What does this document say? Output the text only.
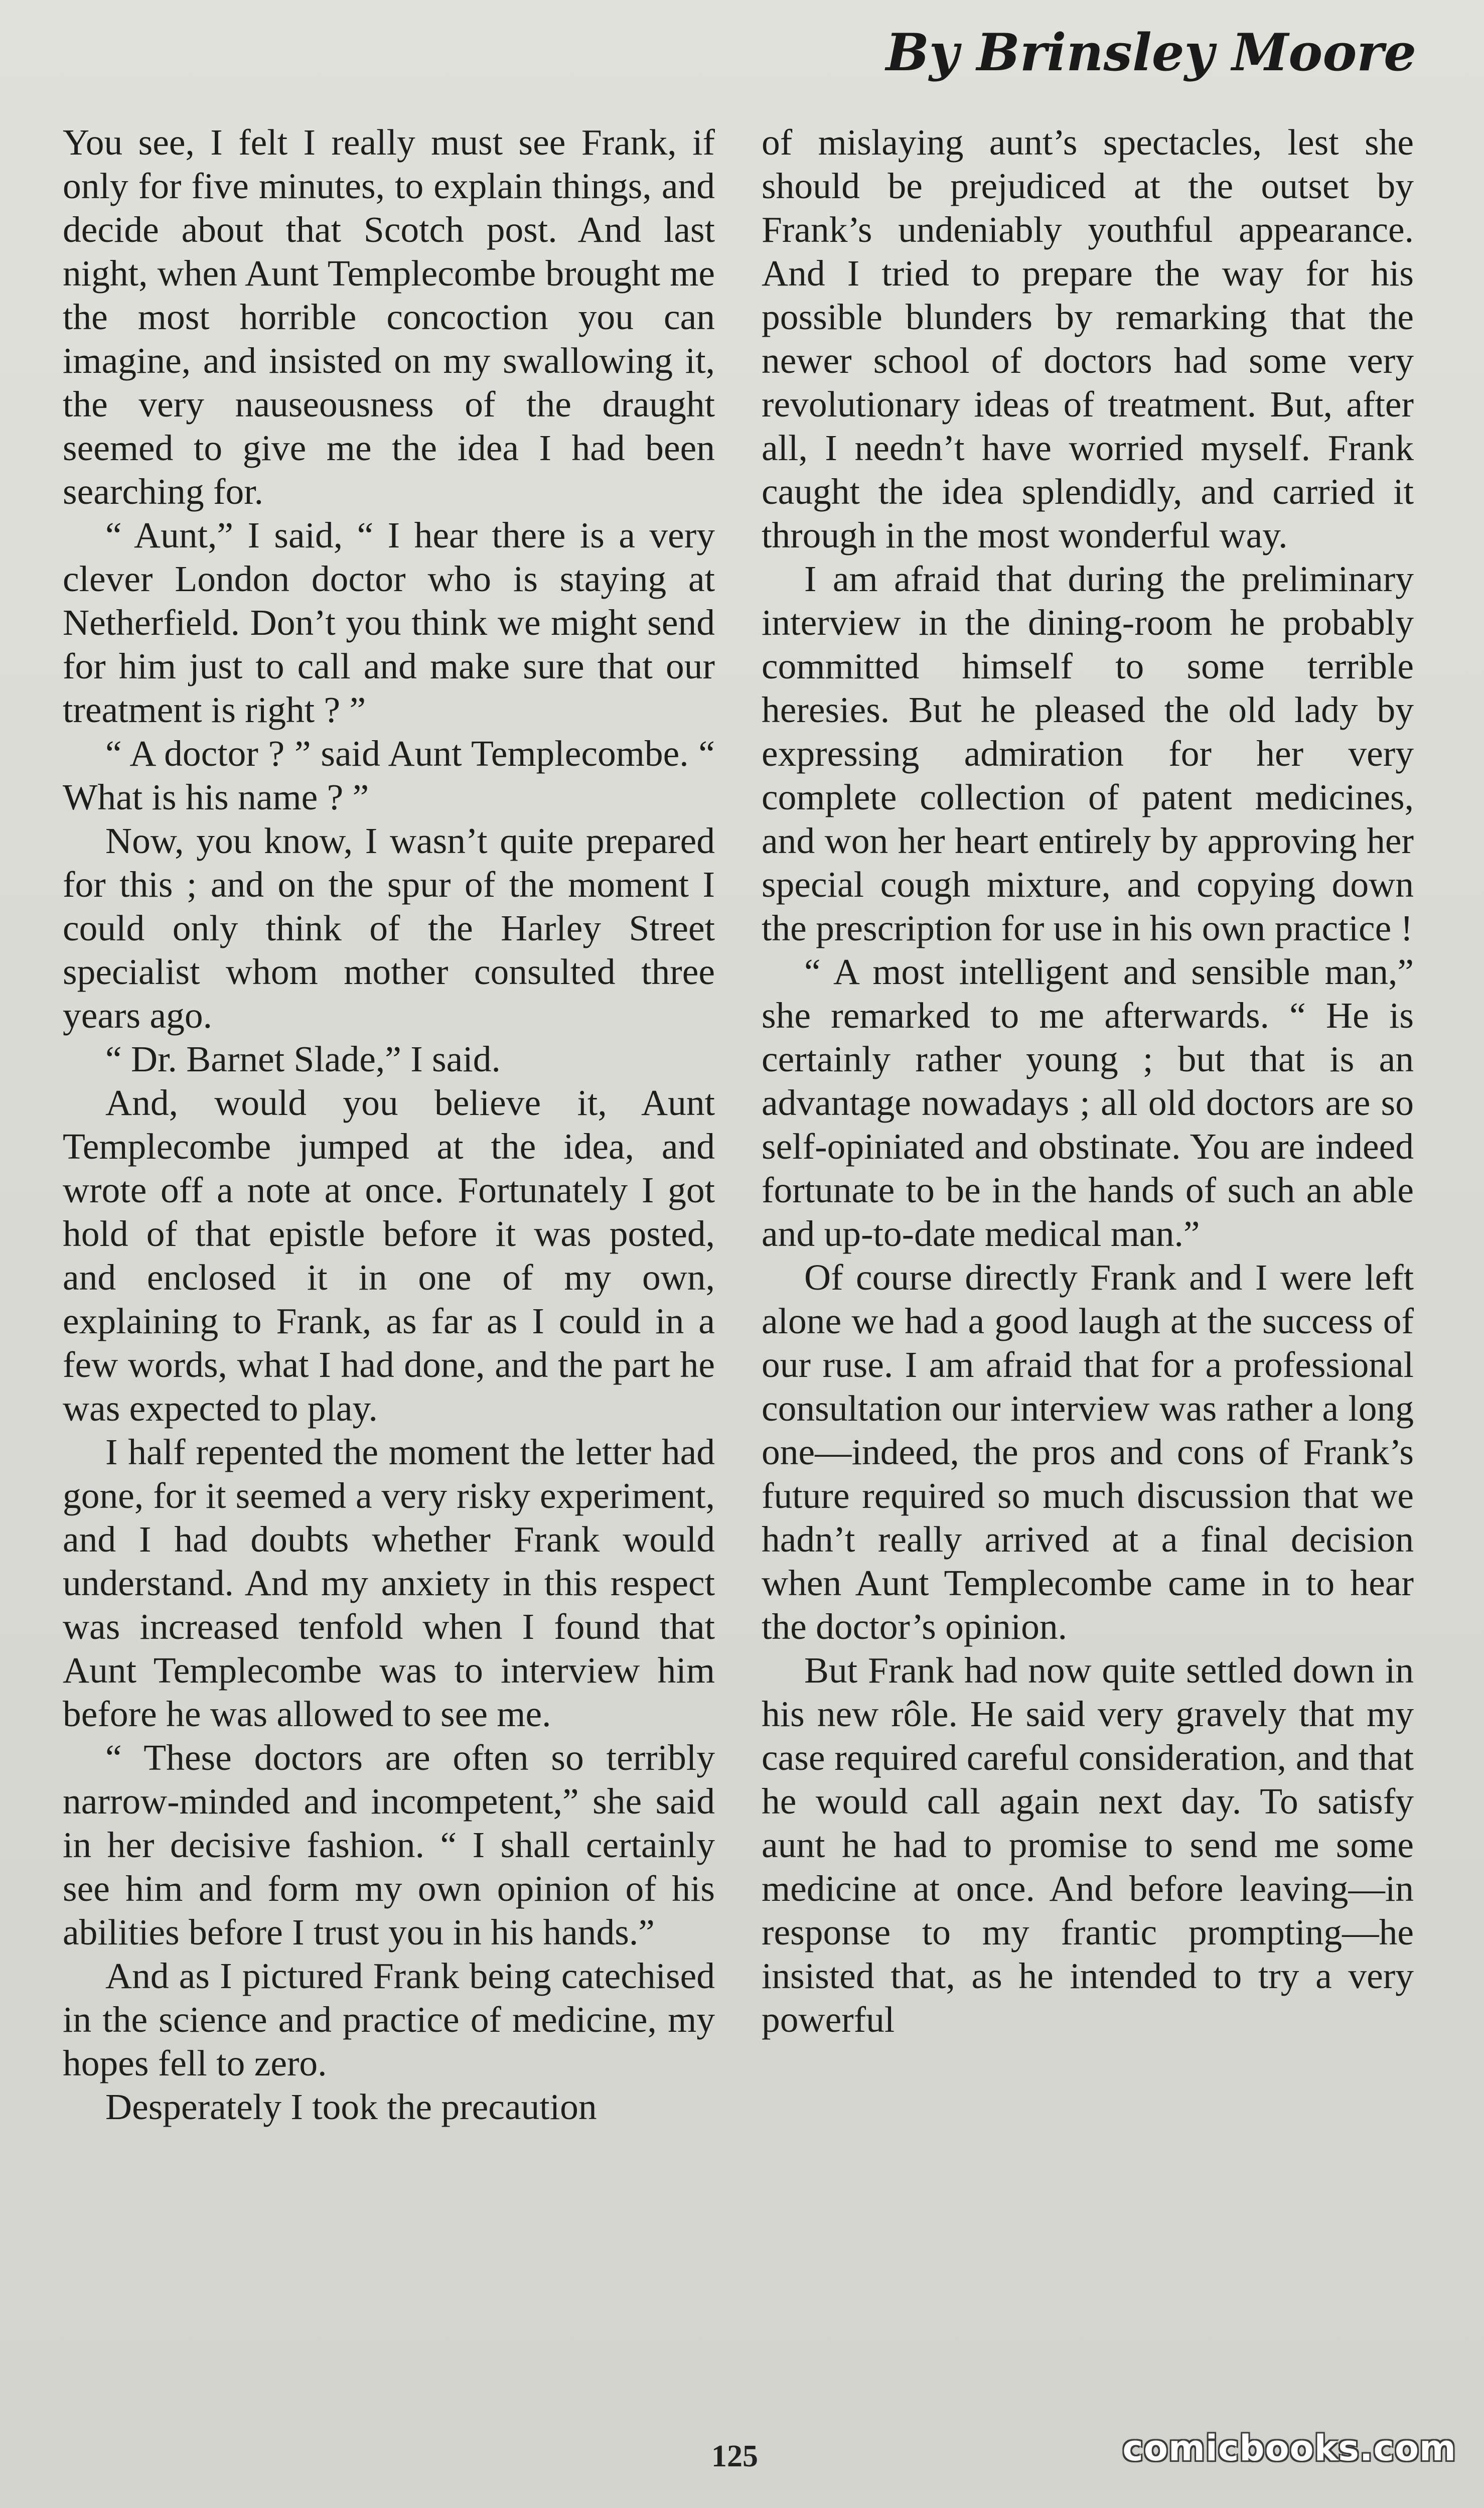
By Brinsley Moore

You see, I felt I really must see Frank, if only for five minutes, to explain things, and decide about that Scotch post. And last night, when Aunt Templecombe brought me the most horrible concoction you can imagine, and insisted on my swallowing it, the very nauseousness of the draught seemed to give me the idea I had been searching for.

“ Aunt,” I said, “ I hear there is a very clever London doctor who is staying at Netherfield. Don’t you think we might send for him just to call and make sure that our treatment is right ? ”

“ A doctor ? ” said Aunt Templecombe. “ What is his name ? ”

Now, you know, I wasn’t quite prepared for this ; and on the spur of the moment I could only think of the Harley Street specialist whom mother consulted three years ago.

“ Dr. Barnet Slade,” I said.

And, would you believe it, Aunt Templecombe jumped at the idea, and wrote off a note at once. Fortunately I got hold of that epistle before it was posted, and enclosed it in one of my own, explaining to Frank, as far as I could in a few words, what I had done, and the part he was expected to play.

I half repented the moment the letter had gone, for it seemed a very risky experiment, and I had doubts whether Frank would understand. And my anxiety in this respect was increased tenfold when I found that Aunt Templecombe was to interview him before he was allowed to see me.

“ These doctors are often so terribly narrow-minded and incompetent,” she said in her decisive fashion. “ I shall certainly see him and form my own opinion of his abilities before I trust you in his hands.”

And as I pictured Frank being catechised in the science and practice of medicine, my hopes fell to zero.

Desperately I took the precaution

of mislaying aunt’s spectacles, lest she should be prejudiced at the outset by Frank’s undeniably youthful appearance. And I tried to prepare the way for his possible blunders by remarking that the newer school of doctors had some very revolutionary ideas of treatment. But, after all, I needn’t have worried myself. Frank caught the idea splendidly, and carried it through in the most wonderful way.

I am afraid that during the preliminary interview in the dining-room he probably committed himself to some terrible heresies. But he pleased the old lady by expressing admiration for her very complete collection of patent medicines, and won her heart entirely by approving her special cough mixture, and copying down the prescription for use in his own practice !

“ A most intelligent and sensible man,” she remarked to me afterwards. “ He is certainly rather young ; but that is an advantage nowadays ; all old doctors are so self-opiniated and obstinate. You are indeed fortunate to be in the hands of such an able and up-to-date medical man.”

Of course directly Frank and I were left alone we had a good laugh at the success of our ruse. I am afraid that for a professional consultation our interview was rather a long one—indeed, the pros and cons of Frank’s future required so much discussion that we hadn’t really arrived at a final decision when Aunt Templecombe came in to hear the doctor’s opinion.

But Frank had now quite settled down in his new rôle. He said very gravely that my case required careful consideration, and that he would call again next day. To satisfy aunt he had to promise to send me some medicine at once. And before leaving—in response to my frantic prompting—he insisted that, as he intended to try a very powerful

125	comicbooks.com
